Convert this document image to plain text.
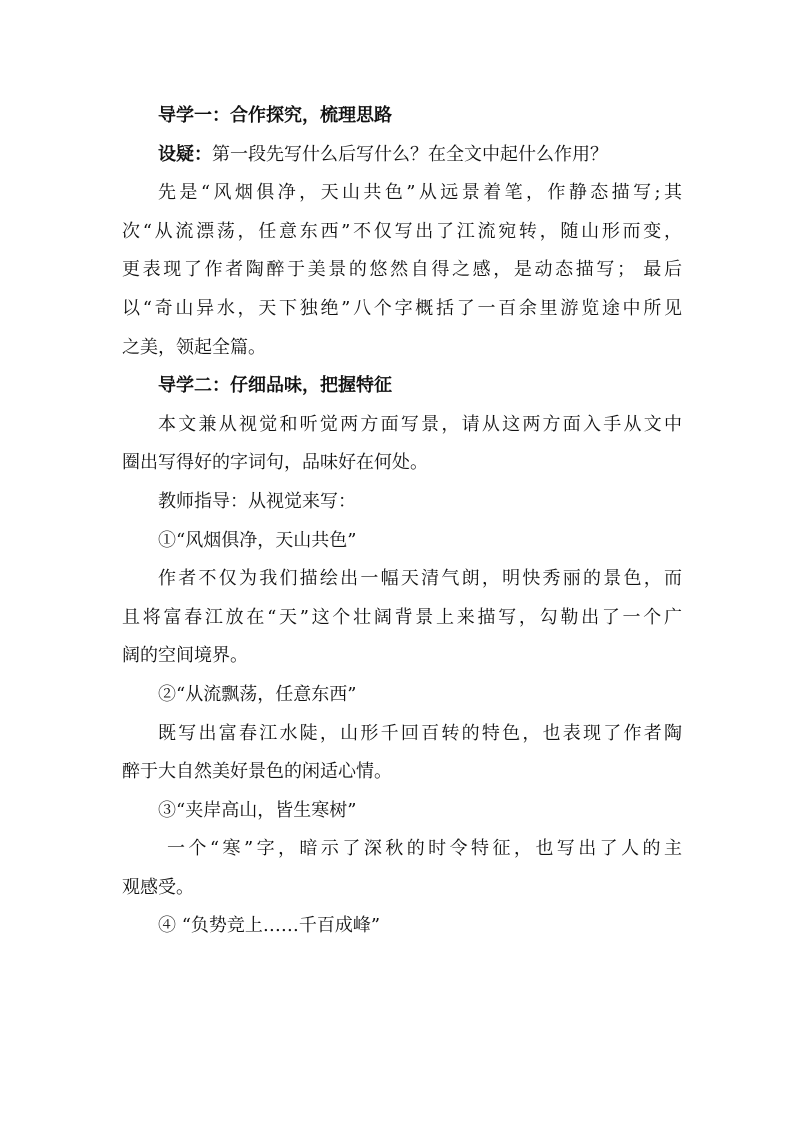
导学一：合作探究，梳理思路

设疑：第一段先写什么后写什么？在全文中起什么作用？

先是“风烟俱净，天山共色”从远景着笔，作静态描写;其

次“从流漂荡，任意东西”不仅写出了江流宛转，随山形而变，

更表现了作者陶醉于美景的悠然自得之感，是动态描写； 最后

以“奇山异水，天下独绝”八个字概括了一百余里游览途中所见

之美，领起全篇。

导学二：仔细品味，把握特征

本文兼从视觉和听觉两方面写景，请从这两方面入手从文中

圈出写得好的字词句，品味好在何处。

教师指导：从视觉来写：

①“风烟俱净，天山共色”

作者不仅为我们描绘出一幅天清气朗，明快秀丽的景色，而

且将富春江放在“天”这个壮阔背景上来描写，勾勒出了一个广

阔的空间境界。

②“从流飘荡，任意东西”

既写出富春江水陡，山形千回百转的特色，也表现了作者陶

醉于大自然美好景色的闲适心情。

③“夹岸高山，皆生寒树”

一个“寒”字，暗示了深秋的时令特征，也写出了人的主

观感受。

④ “负势竞上……千百成峰”
